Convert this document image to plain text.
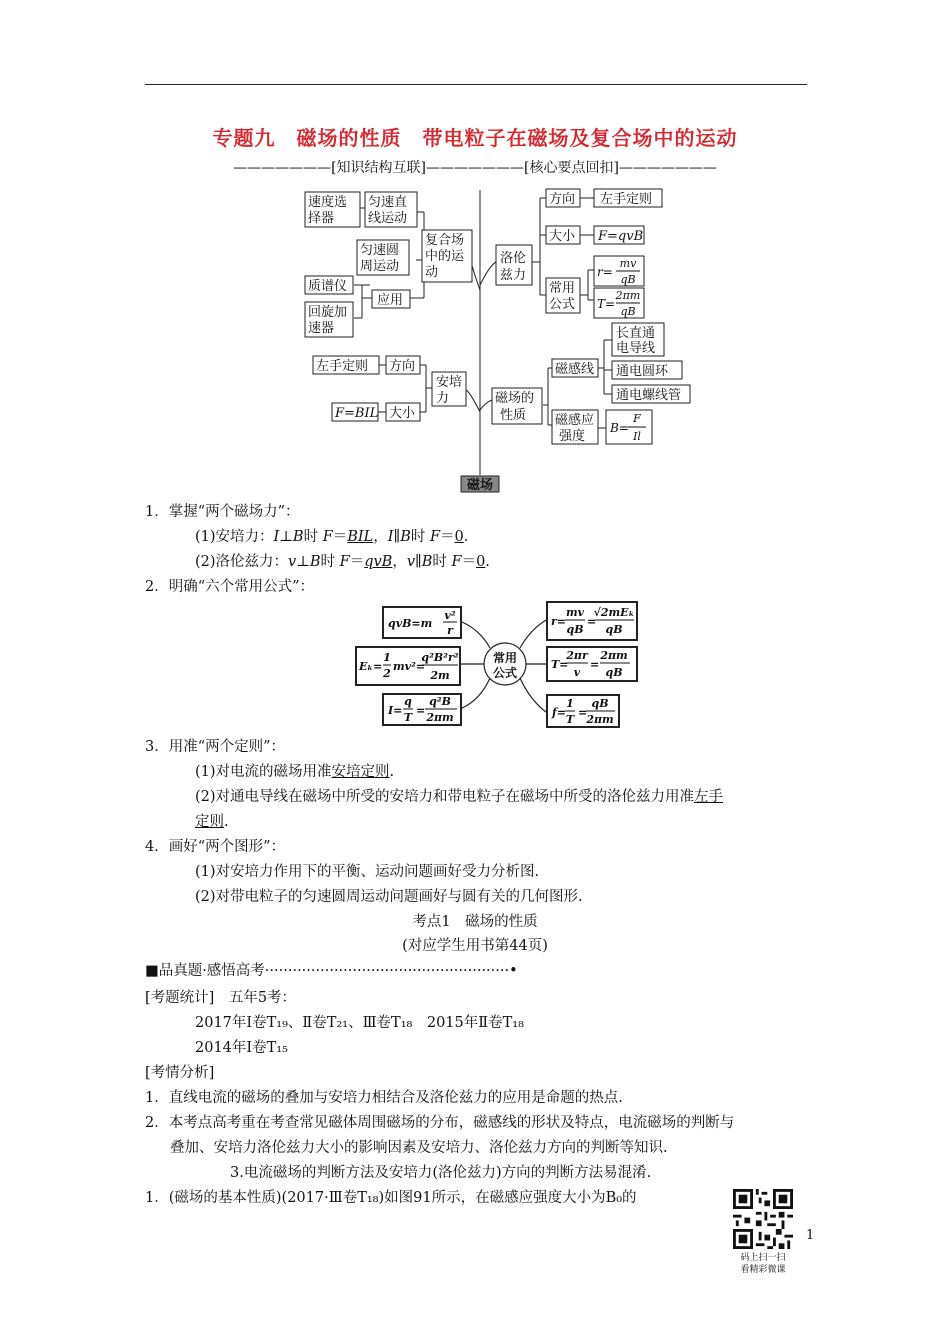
专题九　磁场的性质　带电粒子在磁场及复合场中的运动
———————[知识结构互联]———————[核心要点回扣]———————
磁场
速度选
择器
匀速直
线运动
匀速圆
周运动
复合场
中的运
动
质谱仪
应用
回旋加
速器
洛伦
兹力
方向 左手定则
大小 F=qvB
常用
公式
r=
mv
qB
T=
2πm
qB
安培
力
左手定则 方向
F=BIL 大小
磁场的
性质
磁感线
长直通
电导线
通电圆环
通电螺线管
磁感应
强度
B=
F
Il
1．掌握“两个磁场力”：
(1)安培力：I⊥B时 F＝BIL，I∥B时 F＝0.
(2)洛伦兹力：v⊥B时 F＝qvB，v∥B时 F＝0.
2．明确“六个常用公式”：
常用
公式
qvB=m
v²
r
Eₖ=
1
2
mv²=
q²B²r²
2m
I=
q
T
=
q²B
2πm
r=
mv
qB
=
√2mEₖ
qB
T=
2πr
v
=
2πm
qB
f=
1
T
=
qB
2πm
3．用准“两个定则”：
(1)对电流的磁场用准安培定则.
(2)对通电导线在磁场中所受的安培力和带电粒子在磁场中所受的洛伦兹力用准左手
定则.
4．画好“两个图形”：
(1)对安培力作用下的平衡、运动问题画好受力分析图.
(2)对带电粒子的匀速圆周运动问题画好与圆有关的几何图形.
考点1　磁场的性质
(对应学生用书第44页)
■品真题·感悟高考·····················································•
[考题统计]　五年5考：
2017年Ⅰ卷T₁₉、Ⅱ卷T₂₁、Ⅲ卷T₁₈　2015年Ⅱ卷T₁₈
2014年Ⅰ卷T₁₅
[考情分析]
1．直线电流的磁场的叠加与安培力相结合及洛伦兹力的应用是命题的热点.
2．本考点高考重在考查常见磁体周围磁场的分布，磁感线的形状及特点，电流磁场的判断与
叠加、安培力洛伦兹力大小的影响因素及安培力、洛伦兹力方向的判断等知识.
3.电流磁场的判断方法及安培力(洛伦兹力)方向的判断方法易混淆.
1．(磁场的基本性质)(2017·Ⅲ卷T₁₈)如图91所示，在磁感应强度大小为B₀的
码上扫一扫
看精彩微课
1
